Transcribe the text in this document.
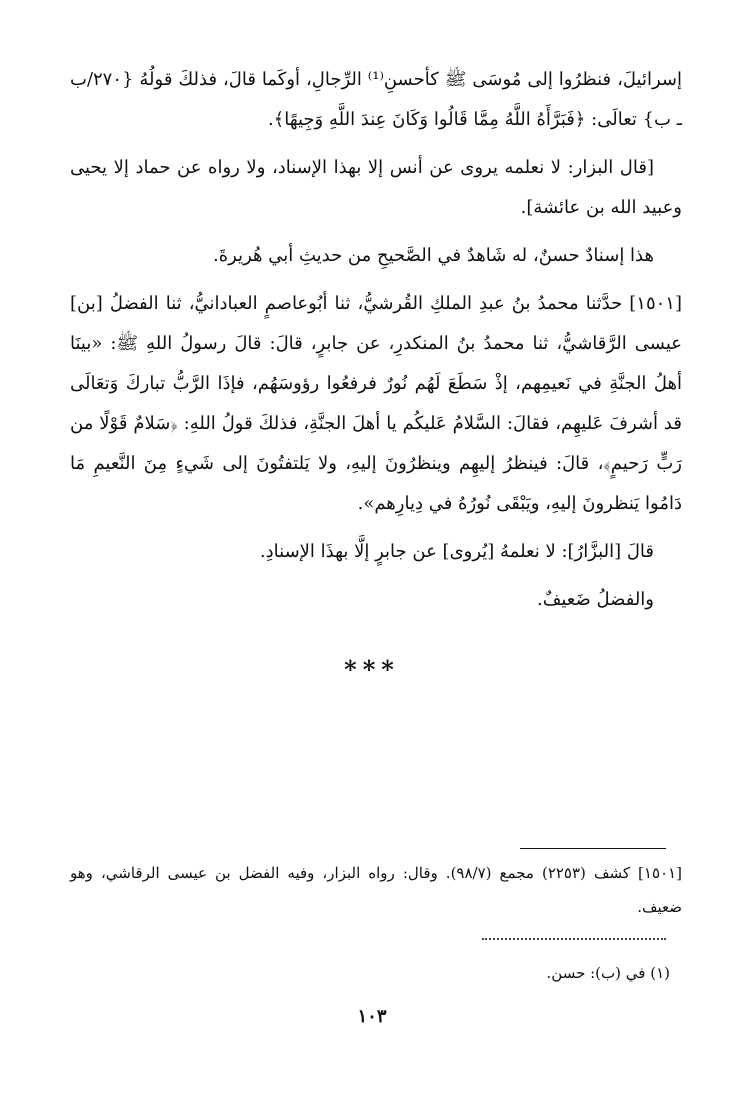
إسرائيلَ، فنظرُوا إلى مُوسَى ﷺ كأحسنِ⁽¹⁾ الرِّجالِ، أوكَما قالَ، فذلكَ قولُهُ {٢٧٠/ب ـ ب} تعالَى: ﴿فَبَرَّأَهُ اللَّهُ مِمَّا قَالُوا وَكَانَ عِندَ اللَّهِ وَجِيهًا﴾.

[قال البزار: لا نعلمه يروى عن أنس إلا بهذا الإسناد، ولا رواه عن حماد إلا يحيى وعبيد الله بن عائشة].

هذا إسنادٌ حسنٌ، له شَاهدٌ في الصَّحيحِ من حديثِ أبي هُريرةَ.

[١٥٠١] حدَّثنا محمدُ بنُ عبدِ الملكِ القُرشيُّ، ثنا أبُوعاصمٍ العبادانيُّ، ثنا الفضلُ [بن] عيسى الرَّقاشيُّ، ثنا محمدُ بنُ المنكدرِ، عن جابرٍ، قالَ: قالَ رسولُ اللهِ ﷺ: «بينَا أهلُ الجنَّةِ في نَعيمِهم، إذْ سَطَعَ لَهُم نُورٌ فرفعُوا رؤوسَهُم، فإذَا الرَّبُّ تباركَ وَتعَالَى قد أشرفَ عَليهِم، فقالَ: السَّلامُ عَليكُم يا أهلَ الجنَّةِ، فذلكَ قولُ اللهِ: ﴿سَلامٌ قَوْلًا من رَبٍّ رَحيمٍ﴾، قالَ: فينظرُ إليهِم وينظرُونَ إليهِ، ولا يَلتفتُونَ إلى شَيءٍ مِنَ النَّعيمِ مَا دَامُوا يَنظرونَ إليهِ، ويَبْقَى نُورُهُ في دِيارِهم».

قالَ [البزَّارُ]: لا نعلمهُ [يُروى] عن جابرٍ إلَّا بهذَا الإسنادِ.

والفضلُ ضَعيفٌ.

***

[١٥٠١] كشف (٢٢٥٣) مجمع (٩٨/٧). وقال: رواه البزار، وفيه الفضل بن عيسى الرقاشي، وهو ضعيف.

(١) في (ب): حسن.
١٠٣
